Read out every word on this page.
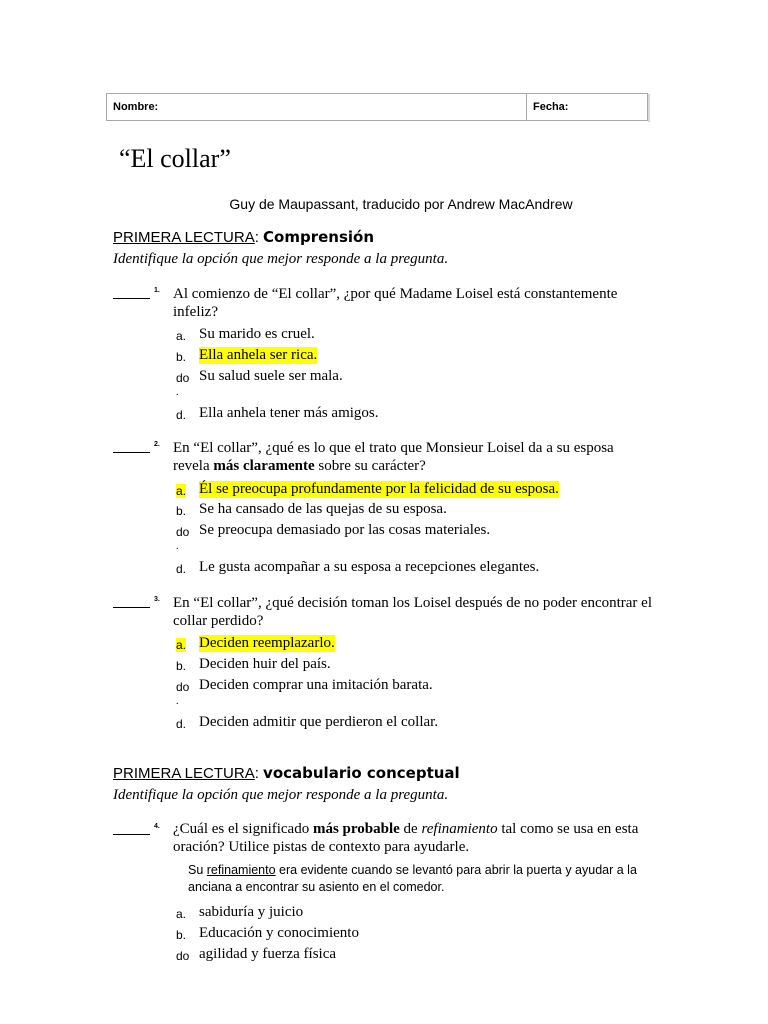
Nombre:	Fecha:
“El collar”
Guy de Maupassant, traducido por Andrew MacAndrew
PRIMERA LECTURA: Comprensión
Identifique la opción que mejor responde a la pregunta.
1. Al comienzo de “El collar”, ¿por qué Madame Loisel está constantemente
infeliz?
a. Su marido es cruel.
b. Ella anhela ser rica.
do Su salud suele ser mala.
.
d. Ella anhela tener más amigos.
2. En “El collar”, ¿qué es lo que el trato que Monsieur Loisel da a su esposa
revela más claramente sobre su carácter?
a. Él se preocupa profundamente por la felicidad de su esposa.
b. Se ha cansado de las quejas de su esposa.
do Se preocupa demasiado por las cosas materiales.
.
d. Le gusta acompañar a su esposa a recepciones elegantes.
3. En “El collar”, ¿qué decisión toman los Loisel después de no poder encontrar el
collar perdido?
a. Deciden reemplazarlo.
b. Deciden huir del país.
do Deciden comprar una imitación barata.
.
d. Deciden admitir que perdieron el collar.
PRIMERA LECTURA: vocabulario conceptual
Identifique la opción que mejor responde a la pregunta.
4. ¿Cuál es el significado más probable de refinamiento tal como se usa en esta
oración? Utilice pistas de contexto para ayudarle.
Su refinamiento era evidente cuando se levantó para abrir la puerta y ayudar a la
anciana a encontrar su asiento en el comedor.
a. sabiduría y juicio
b. Educación y conocimiento
do agilidad y fuerza física
